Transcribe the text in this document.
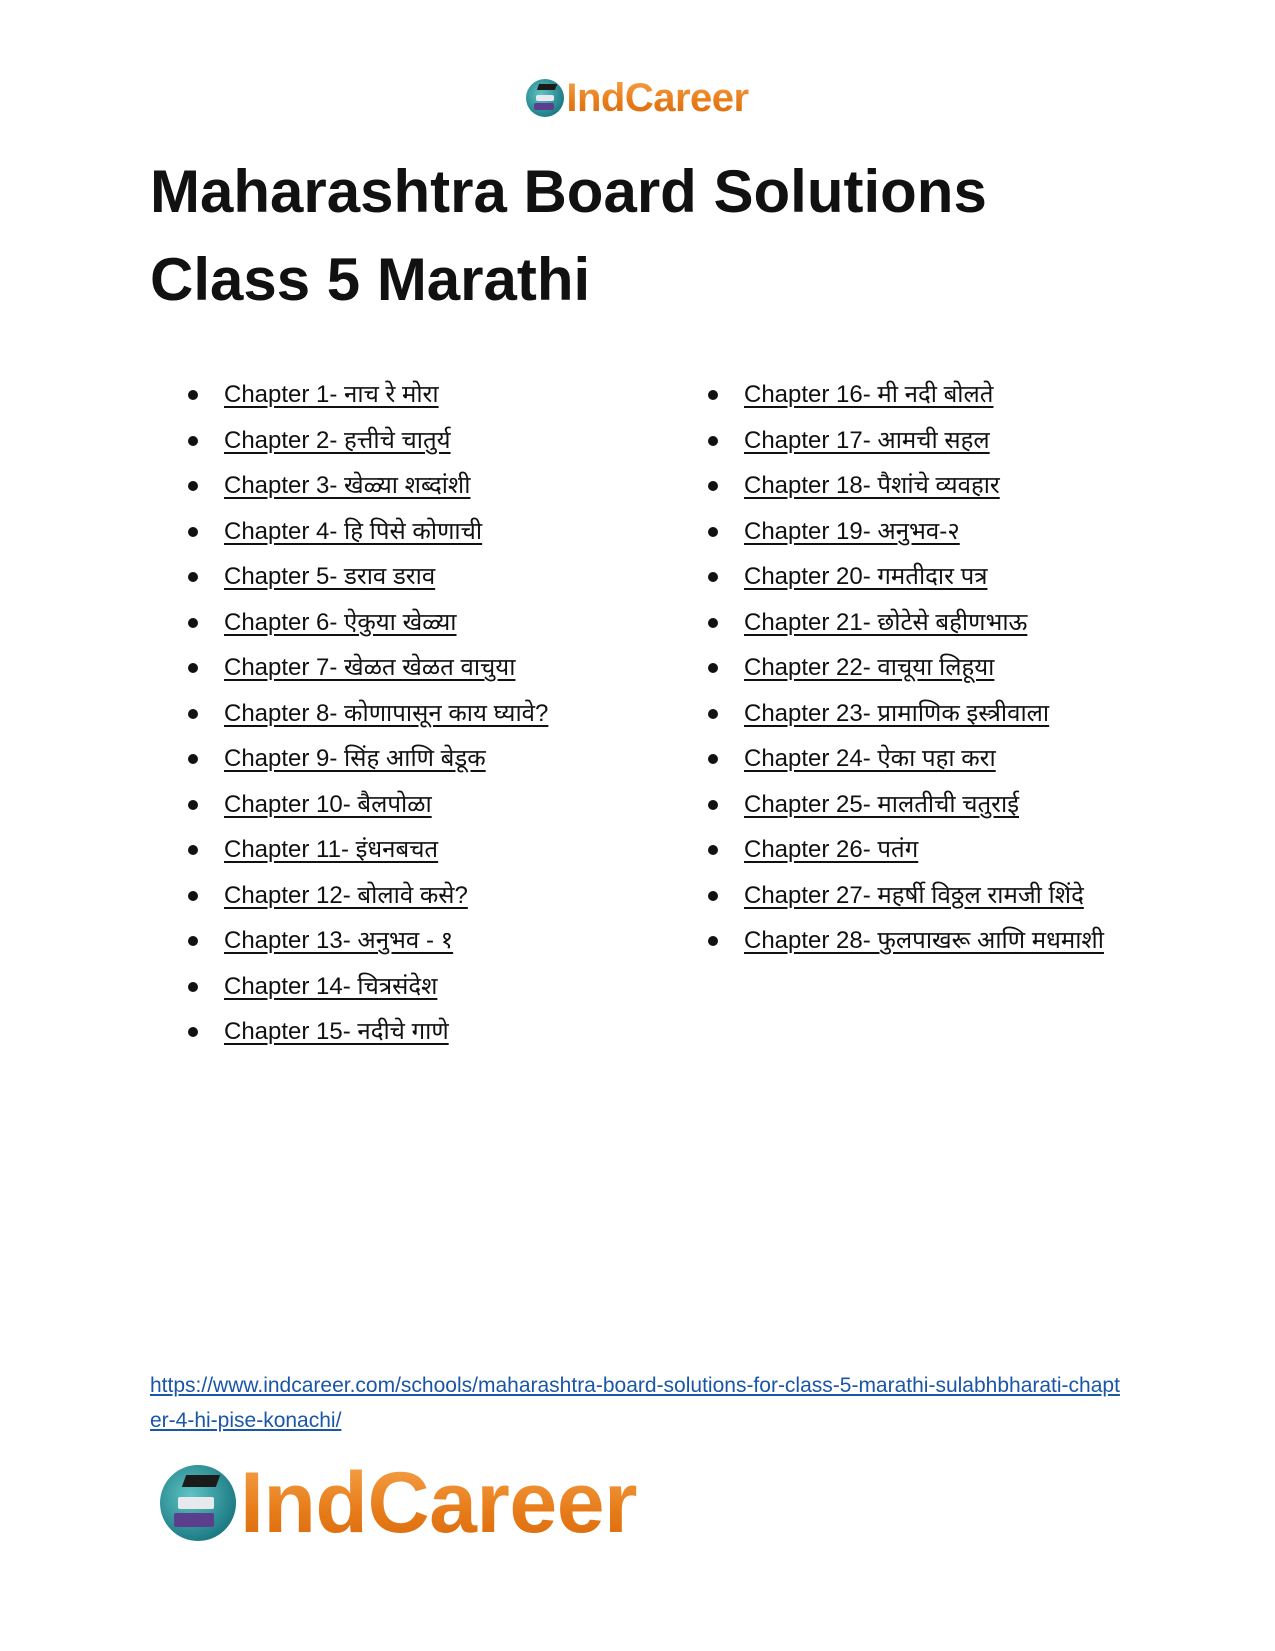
IndCareer
Maharashtra Board Solutions
Class 5 Marathi
Chapter 1- नाच रे मोरा
Chapter 2- हत्तीचे चातुर्य
Chapter 3- खेळ्या शब्दांशी
Chapter 4- हि पिसे कोणाची
Chapter 5- डराव डराव
Chapter 6- ऐकुया खेळ्या
Chapter 7- खेळत खेळत वाचुया
Chapter 8- कोणापासून काय घ्यावे?
Chapter 9- सिंह आणि बेडूक
Chapter 10- बैलपोळा
Chapter 11- इंधनबचत
Chapter 12- बोलावे कसे?
Chapter 13- अनुभव - १
Chapter 14- चित्रसंदेश
Chapter 15- नदीचे गाणे
Chapter 16- मी नदी बोलते
Chapter 17- आमची सहल
Chapter 18- पैशांचे व्यवहार
Chapter 19- अनुभव-२
Chapter 20- गमतीदार पत्र
Chapter 21- छोटेसे बहीणभाऊ
Chapter 22- वाचूया लिहूया
Chapter 23- प्रामाणिक इस्त्रीवाला
Chapter 24- ऐका पहा करा
Chapter 25- मालतीची चतुराई
Chapter 26- पतंग
Chapter 27- महर्षी विठ्ठल रामजी शिंदे
Chapter 28- फुलपाखरू आणि मधमाशी
https://www.indcareer.com/schools/maharashtra-board-solutions-for-class-5-marathi-sulabhbharati-chapter-4-hi-pise-konachi/
IndCareer
